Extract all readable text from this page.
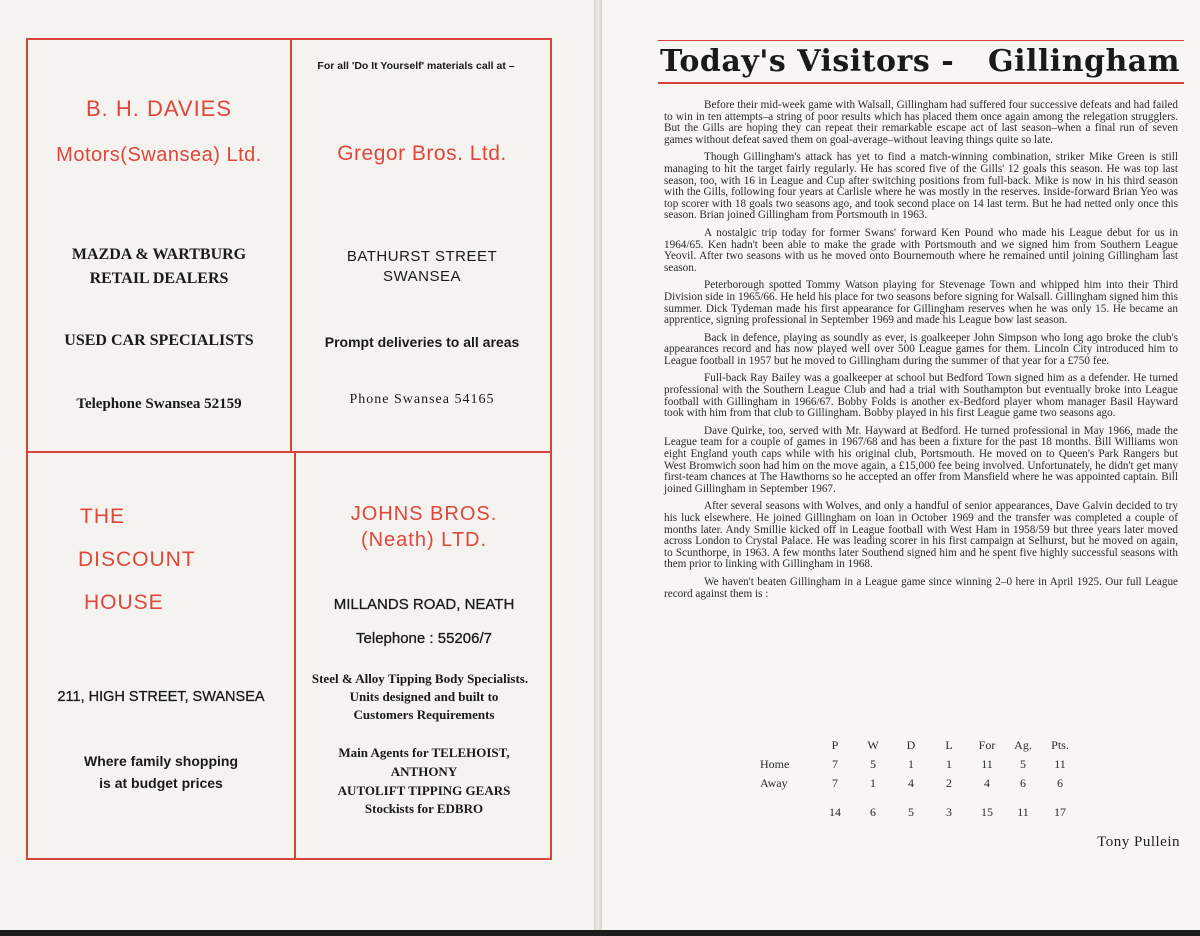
B. H. DAVIES

Motors(Swansea) Ltd.

MAZDA & WARTBURG

RETAIL DEALERS

USED CAR SPECIALISTS

Telephone Swansea 52159

For all 'Do It Yourself' materials call at –

Gregor Bros. Ltd.

BATHURST STREET

SWANSEA

Prompt deliveries to all areas

Phone Swansea 54165

THE

DISCOUNT

HOUSE

211, HIGH STREET, SWANSEA

Where family shopping

is at budget prices

JOHNS BROS.

(Neath) LTD.

MILLANDS ROAD, NEATH

Telephone : 55206/7

Steel & Alloy Tipping Body Specialists.

Units designed and built to

Customers Requirements

Main Agents for TELEHOIST,

ANTHONY

AUTOLIFT TIPPING GEARS

Stockists for EDBRO

Today's Visitors - Gillingham

Before their mid-week game with Walsall, Gillingham had suffered four successive defeats and had failed to win in ten attempts–a string of poor results which has placed them once again among the relegation strugglers. But the Gills are hoping they can repeat their remarkable escape act of last season–when a final run of seven games without defeat saved them on goal-average–without leaving things quite so late.

Though Gillingham's attack has yet to find a match-winning combination, striker Mike Green is still managing to hit the target fairly regularly. He has scored five of the Gills' 12 goals this season. He was top last season, too, with 16 in League and Cup after switching positions from full-back. Mike is now in his third season with the Gills, following four years at Carlisle where he was mostly in the reserves. Inside-forward Brian Yeo was top scorer with 18 goals two seasons ago, and took second place on 14 last term. But he had netted only once this season. Brian joined Gillingham from Portsmouth in 1963.

A nostalgic trip today for former Swans' forward Ken Pound who made his League debut for us in 1964/65. Ken hadn't been able to make the grade with Portsmouth and we signed him from Southern League Yeovil. After two seasons with us he moved onto Bournemouth where he remained until joining Gillingham last season.

Peterborough spotted Tommy Watson playing for Stevenage Town and whipped him into their Third Division side in 1965/66. He held his place for two seasons before signing for Walsall. Gillingham signed him this summer. Dick Tydeman made his first appearance for Gillingham reserves when he was only 15. He became an apprentice, signing professional in September 1969 and made his League bow last season.

Back in defence, playing as soundly as ever, is goalkeeper John Simpson who long ago broke the club's appearances record and has now played well over 500 League games for them. Lincoln City introduced him to League football in 1957 but he moved to Gillingham during the summer of that year for a £750 fee.

Full-back Ray Bailey was a goalkeeper at school but Bedford Town signed him as a defender. He turned professional with the Southern League Club and had a trial with Southampton but eventually broke into League football with Gillingham in 1966/67. Bobby Folds is another ex-Bedford player whom manager Basil Hayward took with him from that club to Gillingham. Bobby played in his first League game two seasons ago.

Dave Quirke, too, served with Mr. Hayward at Bedford. He turned professional in May 1966, made the League team for a couple of games in 1967/68 and has been a fixture for the past 18 months. Bill Williams won eight England youth caps while with his original club, Portsmouth. He moved on to Queen's Park Rangers but West Bromwich soon had him on the move again, a £15,000 fee being involved. Unfortunately, he didn't get many first-team chances at The Hawthorns so he accepted an offer from Mansfield where he was appointed captain. Bill joined Gillingham in September 1967.

After several seasons with Wolves, and only a handful of senior appearances, Dave Galvin decided to try his luck elsewhere. He joined Gillingham on loan in October 1969 and the transfer was completed a couple of months later. Andy Smillie kicked off in League football with West Ham in 1958/59 but three years later moved across London to Crystal Palace. He was leading scorer in his first campaign at Selhurst, but he moved on again, to Scunthorpe, in 1963. A few months later Southend signed him and he spent five highly successful seasons with them prior to linking with Gillingham in 1968.

We haven't beaten Gillingham in a League game since winning 2–0 here in April 1925. Our full League record against them is :

	P	W	D	L	For	Ag.	Pts.
Home	7	5	1	1	11	5	11
Away	7	1	4	2	4	6	6

	14	6	5	3	15	11	17
Tony Pullein
